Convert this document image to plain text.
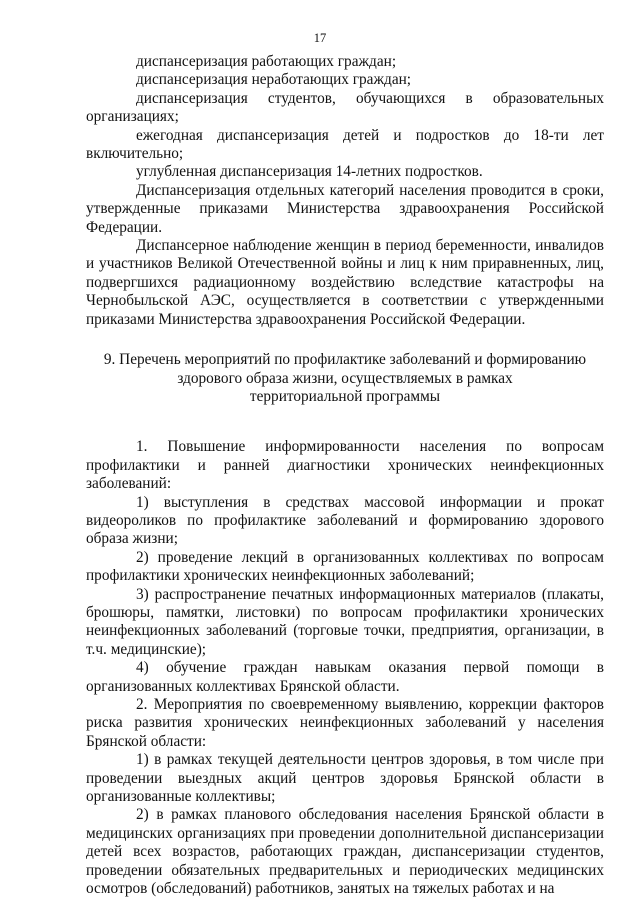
17

диспансеризация работающих граждан;

диспансеризация неработающих граждан;

диспансеризация студентов, обучающихся в образовательных организациях;

ежегодная диспансеризация детей и подростков до 18-ти лет включительно;

углубленная диспансеризация 14-летних подростков.

Диспансеризация отдельных категорий населения проводится в сроки, утвержденные приказами Министерства здравоохранения Российской Федерации.

Диспансерное наблюдение женщин в период беременности, инвалидов и участников Великой Отечественной войны и лиц к ним приравненных, лиц, подвергшихся радиационному воздействию вследствие катастрофы на Чернобыльской АЭС, осуществляется в соответствии с утвержденными приказами Министерства здравоохранения Российской Федерации.

9. Перечень мероприятий по профилактике заболеваний и формированию
здорового образа жизни, осуществляемых в рамках
территориальной программы

1. Повышение информированности населения по вопросам профилактики и ранней диагностики хронических неинфекционных заболеваний:

1) выступления в средствах массовой информации и прокат видеороликов по профилактике заболеваний и формированию здорового образа жизни;

2) проведение лекций в организованных коллективах по вопросам профилактики хронических неинфекционных заболеваний;

3) распространение печатных информационных материалов (плакаты, брошюры, памятки, листовки) по вопросам профилактики хронических неинфекционных заболеваний (торговые точки, предприятия, организации, в т.ч. медицинские);

4) обучение граждан навыкам оказания первой помощи в организованных коллективах Брянской области.

2. Мероприятия по своевременному выявлению, коррекции факторов риска развития хронических неинфекционных заболеваний у населения Брянской области:

1) в рамках текущей деятельности центров здоровья, в том числе при проведении выездных акций центров здоровья Брянской области в организованные коллективы;

2) в рамках планового обследования населения Брянской области в медицинских организациях при проведении дополнительной диспансеризации детей всех возрастов, работающих граждан, диспансеризации студентов, проведении обязательных предварительных и периодических медицинских осмотров (обследований) работников, занятых на тяжелых работах и на
